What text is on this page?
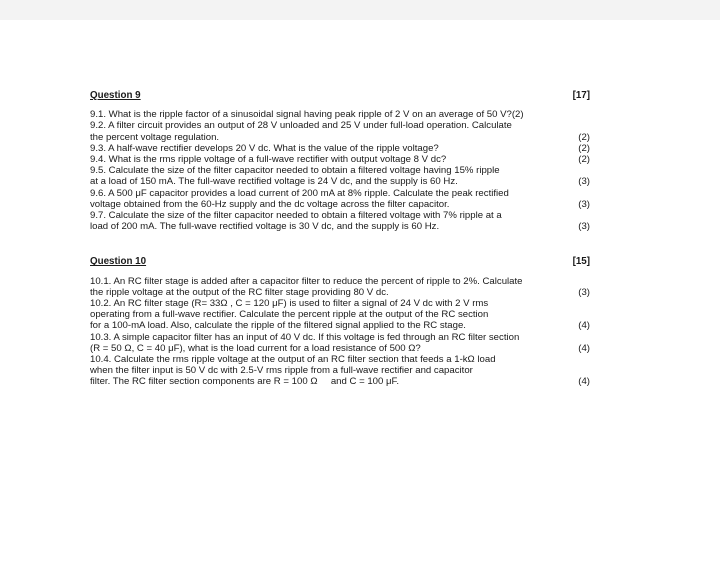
Question 9	[17]
9.1. What is the ripple factor of a sinusoidal signal having peak ripple of 2 V on an average of 50 V?(2)
9.2. A filter circuit provides an output of 28 V unloaded and 25 V under full-load operation. Calculate
the percent voltage regulation.	(2)
9.3. A half-wave rectifier develops 20 V dc. What is the value of the ripple voltage?	(2)
9.4. What is the rms ripple voltage of a full-wave rectifier with output voltage 8 V dc?	(2)
9.5. Calculate the size of the filter capacitor needed to obtain a filtered voltage having 15% ripple
at a load of 150 mA. The full-wave rectified voltage is 24 V dc, and the supply is 60 Hz.	(3)
9.6. A 500 μF capacitor provides a load current of 200 mA at 8% ripple. Calculate the peak rectified
voltage obtained from the 60-Hz supply and the dc voltage across the filter capacitor.	(3)
9.7. Calculate the size of the filter capacitor needed to obtain a filtered voltage with 7% ripple at a
load of 200 mA. The full-wave rectified voltage is 30 V dc, and the supply is 60 Hz.	(3)
Question 10	[15]
10.1. An RC filter stage is added after a capacitor filter to reduce the percent of ripple to 2%. Calculate
the ripple voltage at the output of the RC filter stage providing 80 V dc.	(3)
10.2. An RC filter stage (R= 33Ω , C = 120 μF) is used to filter a signal of 24 V dc with 2 V rms
operating from a full-wave rectifier. Calculate the percent ripple at the output of the RC section
for a 100-mA load. Also, calculate the ripple of the filtered signal applied to the RC stage.	(4)
10.3. A simple capacitor filter has an input of 40 V dc. If this voltage is fed through an RC filter section
(R = 50 Ω, C = 40 μF), what is the load current for a load resistance of 500 Ω?	(4)
10.4. Calculate the rms ripple voltage at the output of an RC filter section that feeds a 1-kΩ load
when the filter input is 50 V dc with 2.5-V rms ripple from a full-wave rectifier and capacitor
filter. The RC filter section components are R = 100 Ω     and C = 100 μF.	(4)
